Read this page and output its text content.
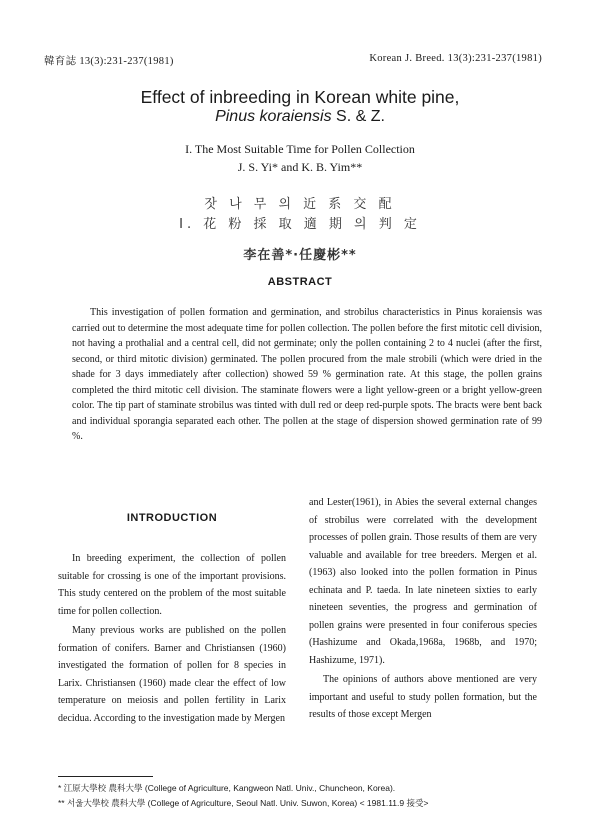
韓育誌 13(3):231-237(1981)	Korean J. Breed. 13(3):231-237(1981)
Effect of inbreeding in Korean white pine,
Pinus koraiensis S. & Z.
I. The Most Suitable Time for Pollen Collection
J. S. Yi* and K. B. Yim**
잣 나 무 의 近 系 交 配
I. 花 粉 採 取 適 期 의 判 定
李在善*·任慶彬**
ABSTRACT

This investigation of pollen formation and germination, and strobilus characteristics in Pinus koraiensis was carried out to determine the most adequate time for pollen collection. The pollen before the first mitotic cell division, not having a prothalial and a central cell, did not germinate; only the pollen containing 2 to 4 nuclei (after the first, second, or third mitotic division) germinated. The pollen procured from the male strobili (which were dried in the shade for 3 days immediately after collection) showed 59 % germination rate. At this stage, the pollen grains completed the third mitotic cell division. The staminate flowers were a light yellow-green or a bright yellow-green color. The tip part of staminate strobilus was tinted with dull red or deep red-purple spots. The bracts were bent back and individual sporangia separated each other. The pollen at the stage of dispersion showed germination rate of 99 %.

INTRODUCTION

In breeding experiment, the collection of pollen suitable for crossing is one of the important provisions. This study centered on the problem of the most suitable time for pollen collection.

Many previous works are published on the pollen formation of conifers. Barner and Christiansen (1960) investigated the formation of pollen for 8 species in Larix. Christiansen (1960) made clear the effect of low temperature on meiosis and pollen fertility in Larix decidua. According to the investigation made by Mergen

and Lester(1961), in Abies the several external changes of strobilus were correlated with the development processes of pollen grain. Those results of them are very valuable and available for tree breeders. Mergen et al.(1963) also looked into the pollen formation in Pinus echinata and P. taeda. In late nineteen sixties to early nineteen seventies, the progress and germination of pollen grains were presented in four coniferous species (Hashizume and Okada,1968a, 1968b, and 1970; Hashizume, 1971).

The opinions of authors above mentioned are very important and useful to study pollen formation, but the results of those except Mergen

* 江原大學校 農科大學 (College of Agriculture, Kangweon Natl. Univ., Chuncheon, Korea).
** 서울大學校 農科大學 (College of Agriculture, Seoul Natl. Univ. Suwon, Korea) < 1981.11.9 接受>
